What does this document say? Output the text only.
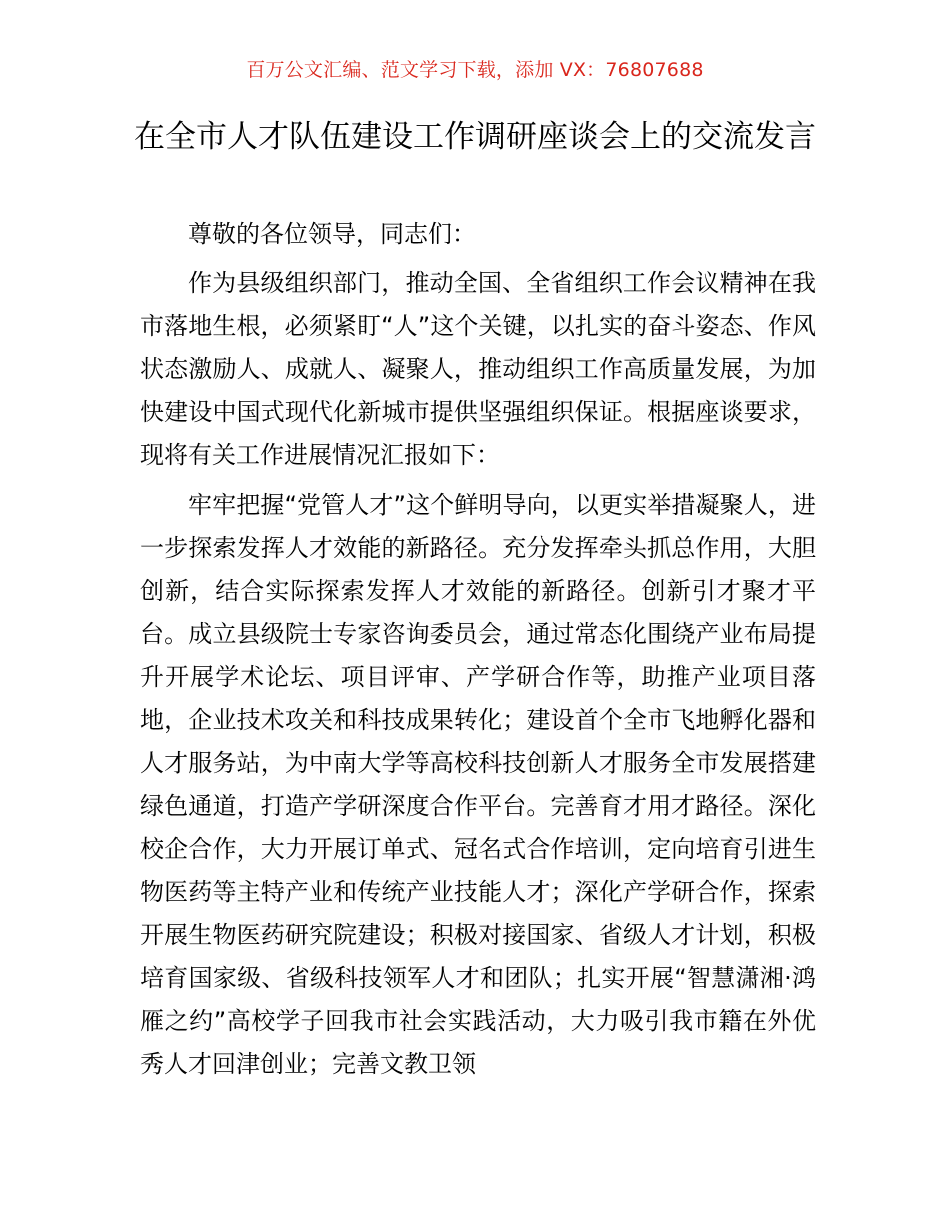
百万公文汇编、范文学习下载，添加 VX：76807688
在全市人才队伍建设工作调研座谈会上的交流发言

尊敬的各位领导，同志们：

作为县级组织部门，推动全国、全省组织工作会议精神在我市落地生根，必须紧盯“人”这个关键，以扎实的奋斗姿态、作风状态激励人、成就人、凝聚人，推动组织工作高质量发展，为加快建设中国式现代化新城市提供坚强组织保证。根据座谈要求，现将有关工作进展情况汇报如下：

牢牢把握“党管人才”这个鲜明导向，以更实举措凝聚人，进一步探索发挥人才效能的新路径。充分发挥牵头抓总作用，大胆创新，结合实际探索发挥人才效能的新路径。创新引才聚才平台。成立县级院士专家咨询委员会，通过常态化围绕产业布局提升开展学术论坛、项目评审、产学研合作等，助推产业项目落地，企业技术攻关和科技成果转化；建设首个全市飞地孵化器和人才服务站，为中南大学等高校科技创新人才服务全市发展搭建绿色通道，打造产学研深度合作平台。完善育才用才路径。深化校企合作，大力开展订单式、冠名式合作培训，定向培育引进生物医药等主特产业和传统产业技能人才；深化产学研合作，探索开展生物医药研究院建设；积极对接国家、省级人才计划，积极培育国家级、省级科技领军人才和团队；扎实开展“智慧潇湘·鸿雁之约”高校学子回我市社会实践活动，大力吸引我市籍在外优秀人才回津创业；完善文教卫领
